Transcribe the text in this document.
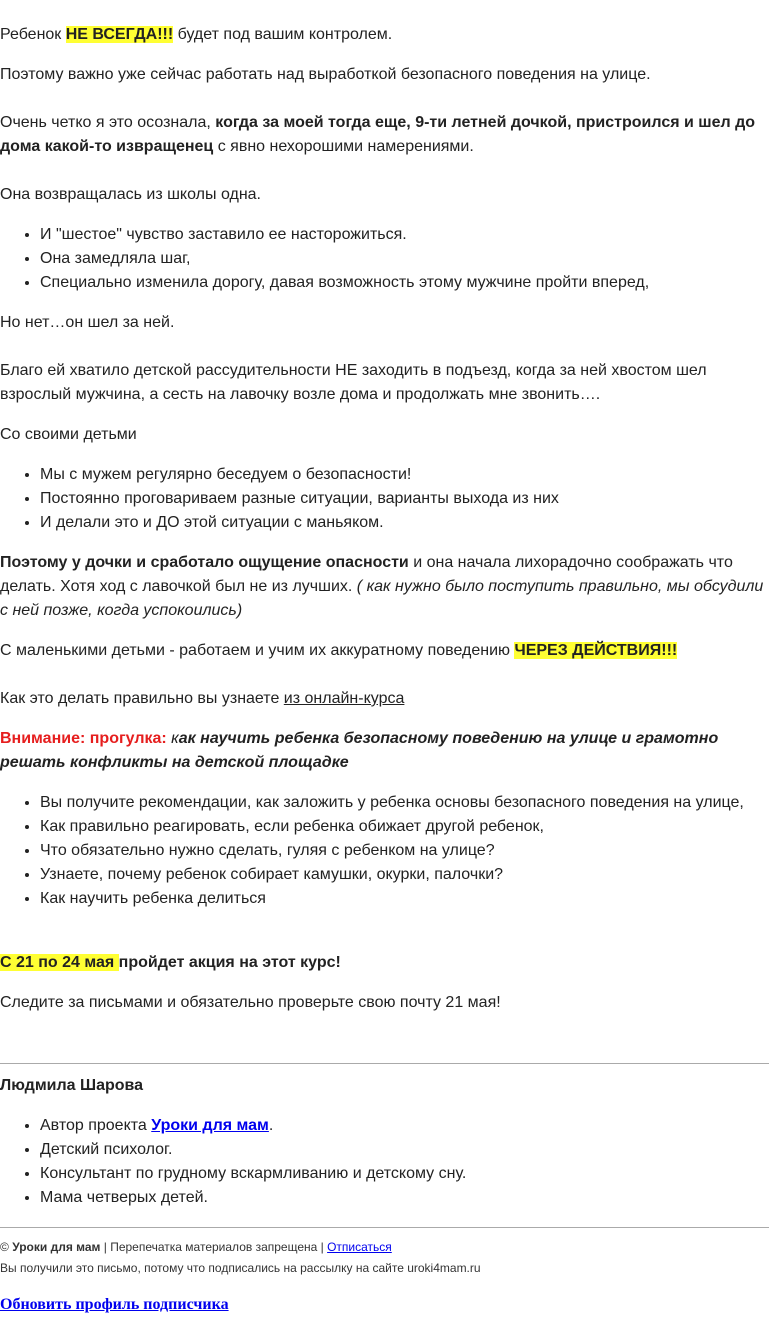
Ребенок НЕ ВСЕГДА!!! будет под вашим контролем.

Поэтому важно уже сейчас работать над выработкой безопасного поведения на улице.

Очень четко я это осознала, когда за моей тогда еще, 9-ти летней дочкой, пристроился и шел до дома какой-то извращенец с явно нехорошими намерениями.

Она возвращалась из школы одна.

• И "шестое" чувство заставило ее насторожиться.
• Она замедляла шаг,
• Специально изменила дорогу, давая возможность этому мужчине пройти вперед,

Но нет…он шел за ней.

Благо ей хватило детской рассудительности НЕ заходить в подъезд, когда за ней хвостом шел взрослый мужчина, а сесть на лавочку возле дома и продолжать мне звонить….

Со своими детьми

• Мы с мужем регулярно беседуем о безопасности!
• Постоянно проговариваем разные ситуации, варианты выхода из них
• И делали это и ДО этой ситуации с маньяком.

Поэтому у дочки и сработало ощущение опасности и она начала лихорадочно соображать что делать. Хотя ход с лавочкой был не из лучших. ( как нужно было поступить правильно, мы обсудили с ней позже, когда успокоились)

С маленькими детьми - работаем и учим их аккуратному поведению ЧЕРЕЗ ДЕЙСТВИЯ!!!

Как это делать правильно вы узнаете из онлайн-курса

Внимание: прогулка: как научить ребенка безопасному поведению на улице и грамотно решать конфликты на детской площадке

• Вы получите рекомендации, как заложить у ребенка основы безопасного поведения на улице,
• Как правильно реагировать, если ребенка обижает другой ребенок,
• Что обязательно нужно сделать, гуляя с ребенком на улице?
• Узнаете, почему ребенок собирает камушки, окурки, палочки?
• Как научить ребенка делиться

С 21 по 24 мая пройдет акция на этот курс!

Следите за письмами и обязательно проверьте свою почту 21 мая!

Людмила Шарова

• Автор проекта Уроки для мам.
• Детский психолог.
• Консультант по грудному вскармливанию и детскому сну.
• Мама четверых детей.

© Уроки для мам | Перепечатка материалов запрещена | Отписаться

Вы получили это письмо, потому что подписались на рассылку на сайте uroki4mam.ru

Обновить профиль подписчика
